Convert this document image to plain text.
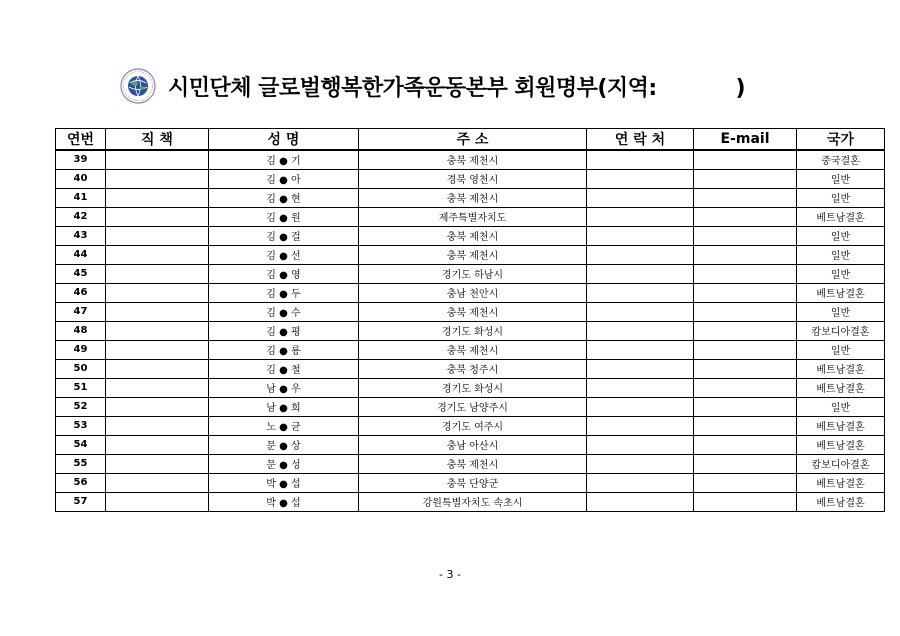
시민단체 글로벌행복한가족운동본부 회원명부(지역:           )
연번	직 책	성 명	주 소	연 락 처	E-mail	국가
39		김 ● 기	충북 제천시			중국결혼
40		김 ● 아	경북 영천시			일반
41		김 ● 현	충북 제천시			일반
42		김 ● 원	제주특별자치도			베트남결혼
43		김 ● 걸	충북 제천시			일반
44		김 ● 선	충북 제천시			일반
45		김 ● 영	경기도 하남시			일반
46		김 ● 두	충남 천안시			베트남결혼
47		김 ● 수	충북 제천시			일반
48		김 ● 평	경기도 화성시			캄보디아결혼
49		김 ● 룡	충북 제천시			일반
50		김 ● 철	충북 청주시			베트남결혼
51		남 ● 우	경기도 화성시			베트남결혼
52		남 ● 희	경기도 남양주시			일반
53		노 ● 균	경기도 여주시			베트남결혼
54		문 ● 상	충남 아산시			베트남결혼
55		문 ● 성	충북 제천시			캄보디아결혼
56		박 ● 섭	충북 단양군			베트남결혼
57		박 ● 섭	강원특별자치도 속초시			베트남결혼
- 3 -
